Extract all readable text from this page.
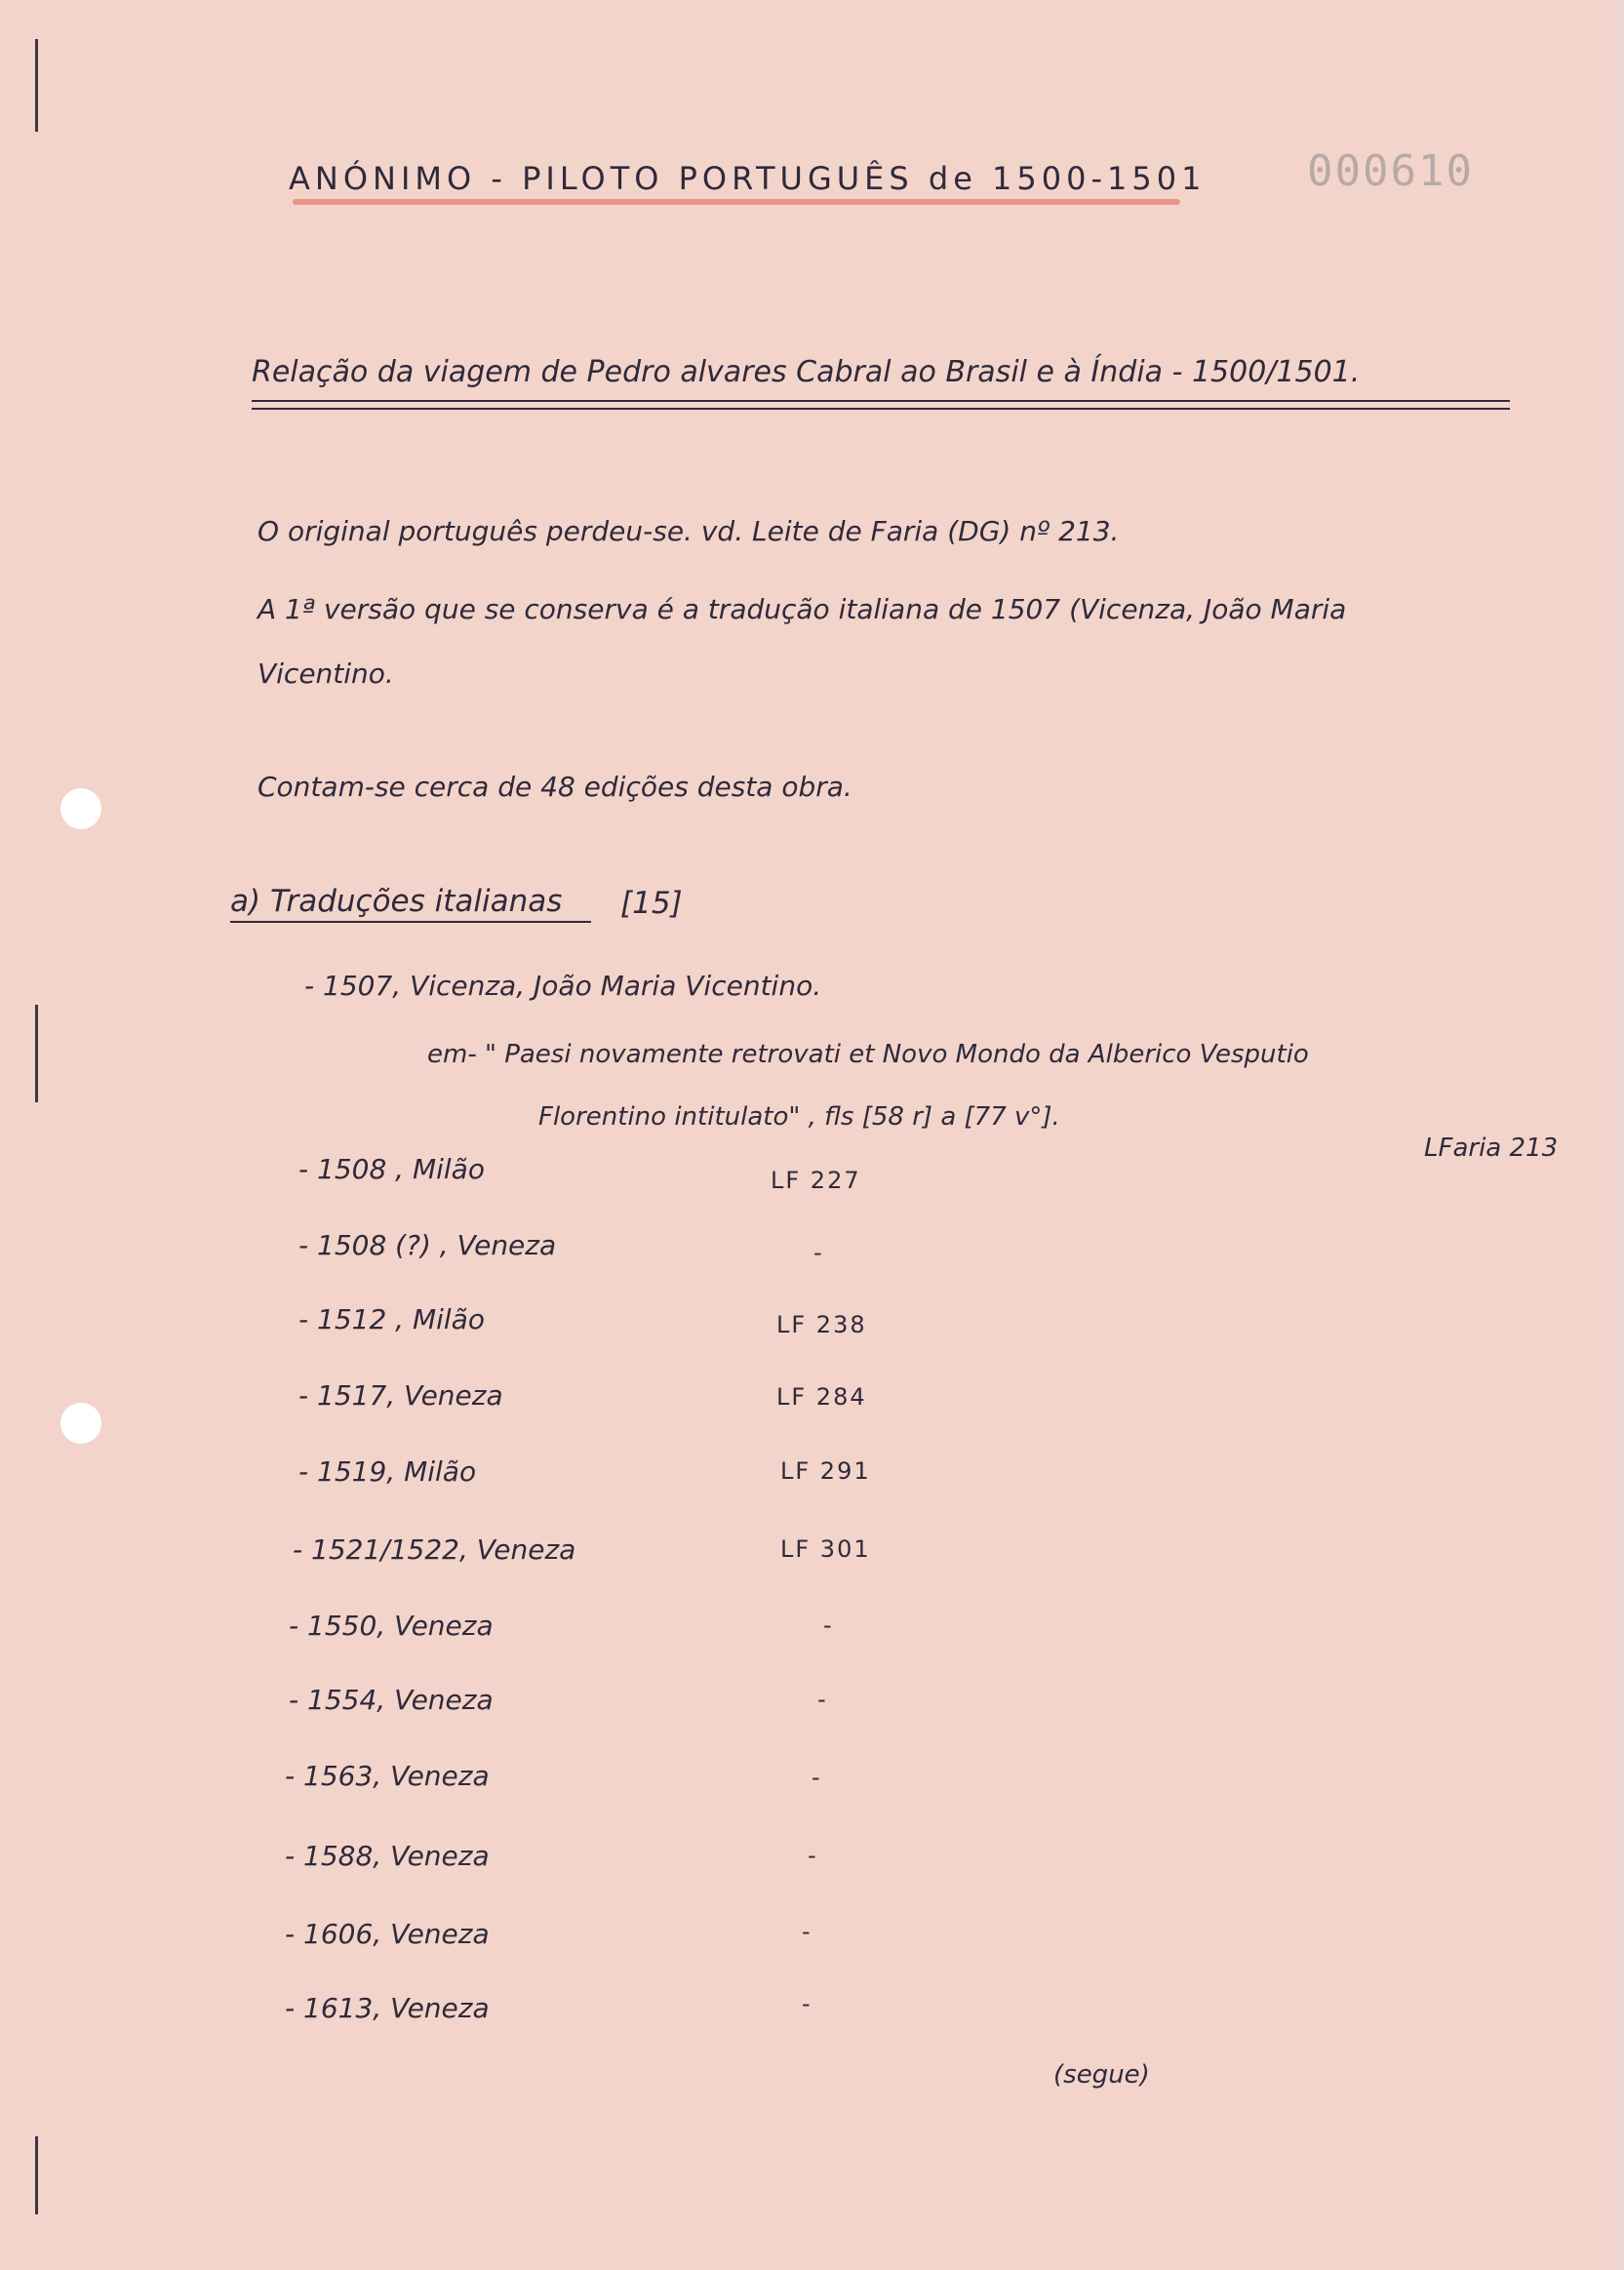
ANÓNIMO - PILOTO PORTUGUÊS de 1500-1501 000610
Relação da viagem de Pedro alvares Cabral ao Brasil e à Índia - 1500/1501.
O original português perdeu-se. vd. Leite de Faria (DG) nº 213.
A 1ª versão que se conserva é a tradução italiana de 1507 (Vicenza, João Maria
Vicentino.
Contam-se cerca de 48 edições desta obra.
a) Traduções italianas [15]
- 1507, Vicenza, João Maria Vicentino.
em- " Paesi novamente retrovati et Novo Mondo da Alberico Vesputio
Florentino intitulato" , fls [58 r] a [77 v°].
LFaria 213
- 1508 , Milão	LF 227
- 1508 (?) , Veneza	-
- 1512 , Milão	LF 238
- 1517, Veneza	LF 284
- 1519, Milão	LF 291
- 1521/1522, Veneza	LF 301
- 1550, Veneza	-
- 1554, Veneza	-
- 1563, Veneza	-
- 1588, Veneza	-
- 1606, Veneza	-
- 1613, Veneza	-
(segue)
